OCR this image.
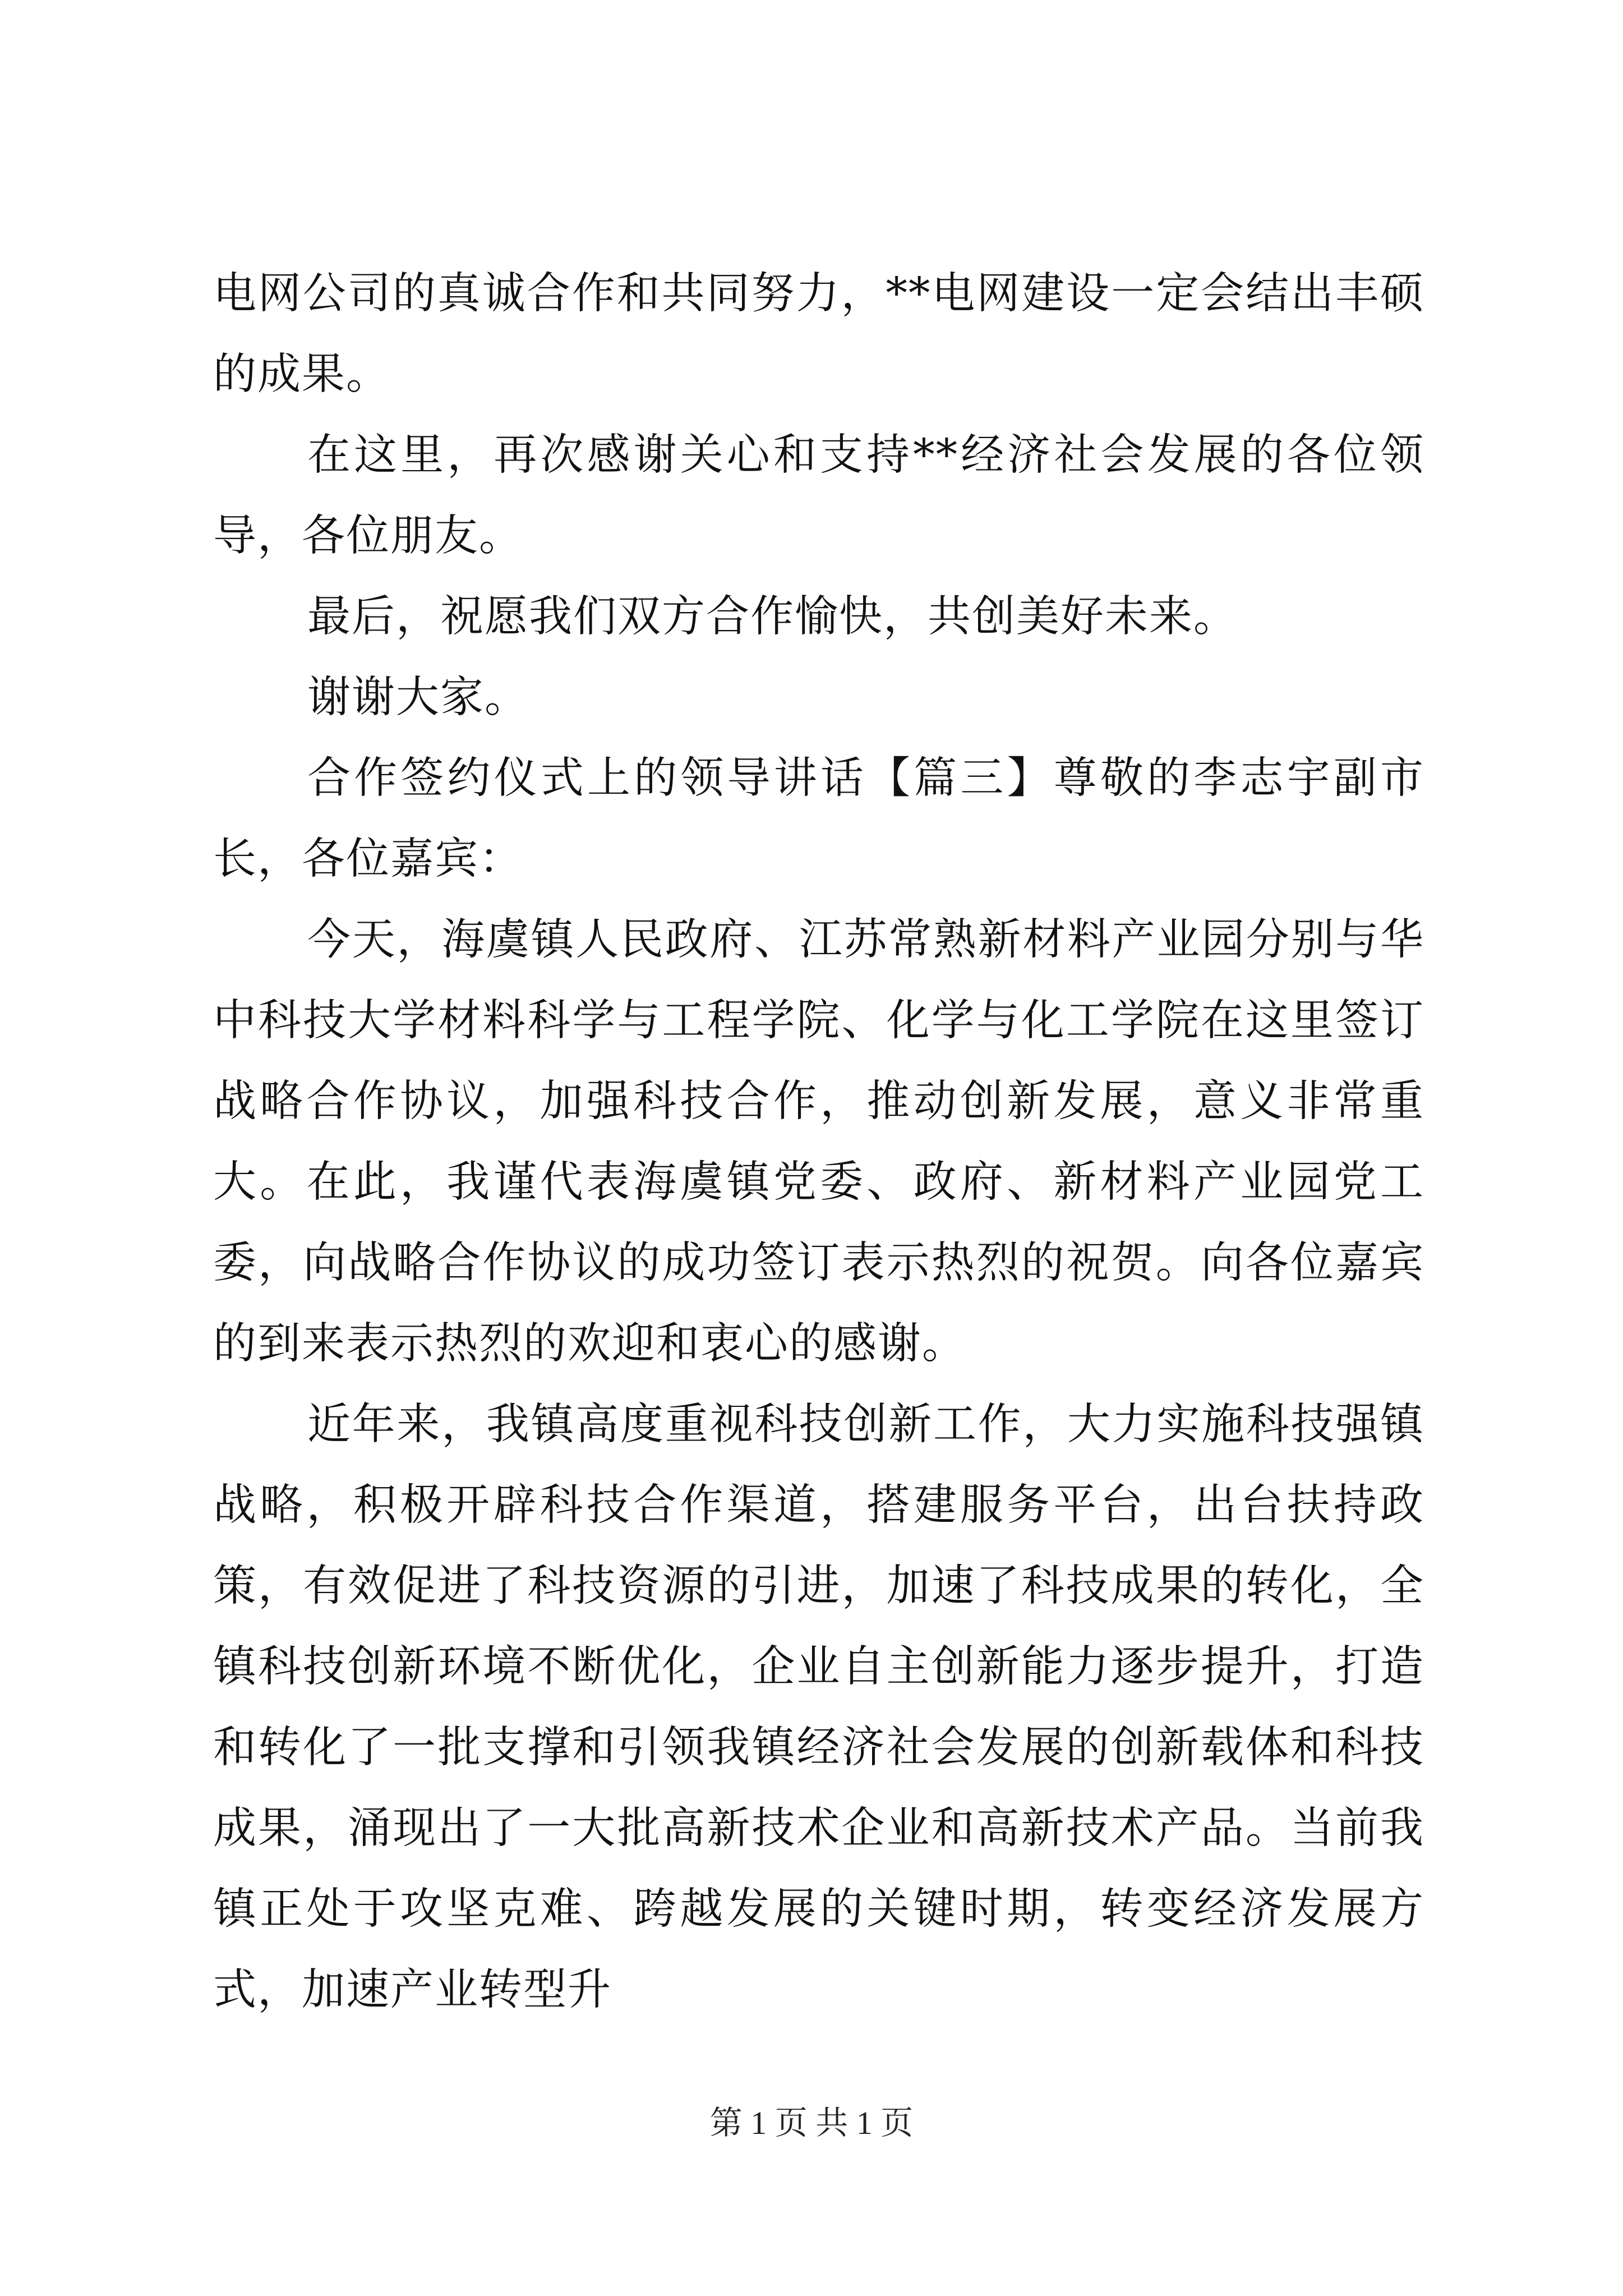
电网公司的真诚合作和共同努力，**电网建设一定会结出丰硕的成果。

在这里，再次感谢关心和支持**经济社会发展的各位领导，各位朋友。

最后，祝愿我们双方合作愉快，共创美好未来。

谢谢大家。

合作签约仪式上的领导讲话【篇三】尊敬的李志宇副市长，各位嘉宾：

今天，海虞镇人民政府、江苏常熟新材料产业园分别与华中科技大学材料科学与工程学院、化学与化工学院在这里签订战略合作协议，加强科技合作，推动创新发展，意义非常重大。在此，我谨代表海虞镇党委、政府、新材料产业园党工委，向战略合作协议的成功签订表示热烈的祝贺。向各位嘉宾的到来表示热烈的欢迎和衷心的感谢。

近年来，我镇高度重视科技创新工作，大力实施科技强镇战略，积极开辟科技合作渠道，搭建服务平台，出台扶持政策，有效促进了科技资源的引进，加速了科技成果的转化，全镇科技创新环境不断优化，企业自主创新能力逐步提升，打造和转化了一批支撑和引领我镇经济社会发展的创新载体和科技成果，涌现出了一大批高新技术企业和高新技术产品。当前我镇正处于攻坚克难、跨越发展的关键时期，转变经济发展方式，加速产业转型升

第 1 页 共 1 页
